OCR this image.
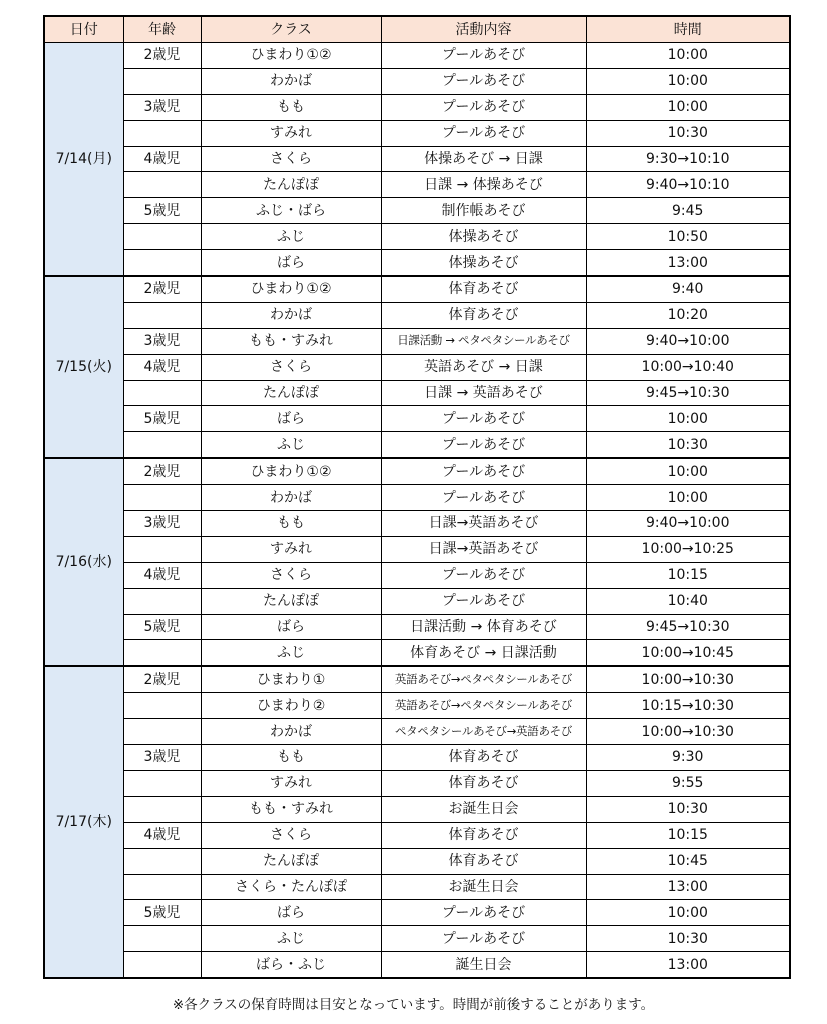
日付	年齢	クラス	活動内容	時間
7/14(月)	2歳児	ひまわり①②	プールあそび	10:00
		わかば	プールあそび	10:00
	3歳児	もも	プールあそび	10:00
		すみれ	プールあそび	10:30
	4歳児	さくら	体操あそび → 日課	9:30→10:10
		たんぽぽ	日課 → 体操あそび	9:40→10:10
	5歳児	ふじ・ばら	制作帳あそび	9:45
		ふじ	体操あそび	10:50
		ばら	体操あそび	13:00
7/15(火)	2歳児	ひまわり①②	体育あそび	9:40
		わかば	体育あそび	10:20
	3歳児	もも・すみれ	日課活動 → ペタペタシールあそび	9:40→10:00
	4歳児	さくら	英語あそび → 日課	10:00→10:40
		たんぽぽ	日課 → 英語あそび	9:45→10:30
	5歳児	ばら	プールあそび	10:00
		ふじ	プールあそび	10:30
7/16(水)	2歳児	ひまわり①②	プールあそび	10:00
		わかば	プールあそび	10:00
	3歳児	もも	日課→英語あそび	9:40→10:00
		すみれ	日課→英語あそび	10:00→10:25
	4歳児	さくら	プールあそび	10:15
		たんぽぽ	プールあそび	10:40
	5歳児	ばら	日課活動 → 体育あそび	9:45→10:30
		ふじ	体育あそび → 日課活動	10:00→10:45
7/17(木)	2歳児	ひまわり①	英語あそび→ペタペタシールあそび	10:00→10:30
		ひまわり②	英語あそび→ペタペタシールあそび	10:15→10:30
		わかば	ペタペタシールあそび→英語あそび	10:00→10:30
	3歳児	もも	体育あそび	9:30
		すみれ	体育あそび	9:55
		もも・すみれ	お誕生日会	10:30
	4歳児	さくら	体育あそび	10:15
		たんぽぽ	体育あそび	10:45
		さくら・たんぽぽ	お誕生日会	13:00
	5歳児	ばら	プールあそび	10:00
		ふじ	プールあそび	10:30
		ばら・ふじ	誕生日会	13:00
※各クラスの保育時間は目安となっています。時間が前後することがあります。
